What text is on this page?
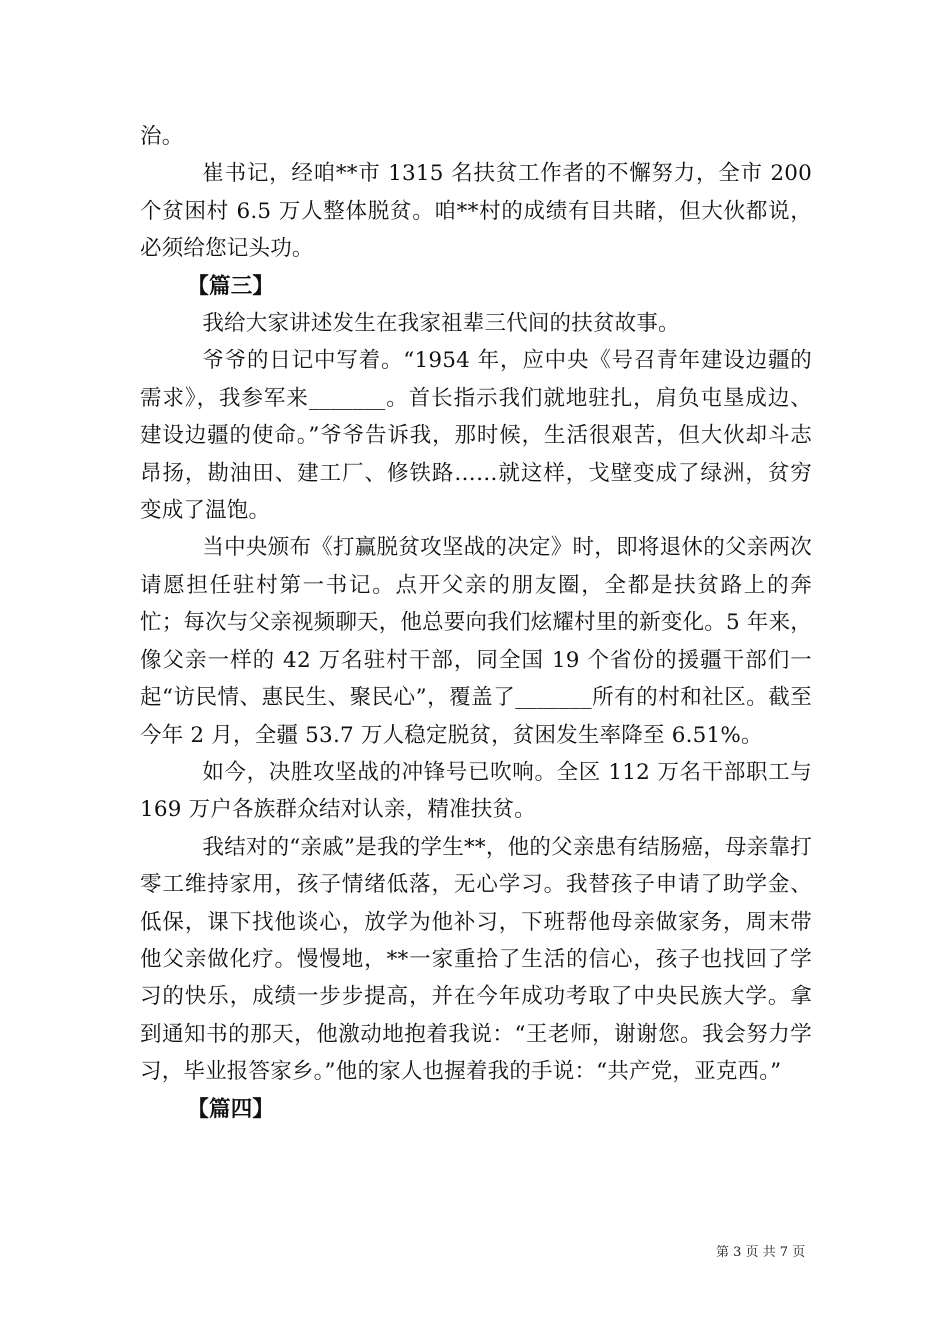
治。

崔书记，经咱**市 1315 名扶贫工作者的不懈努力，全市 200 个贫困村 6.5 万人整体脱贫。咱**村的成绩有目共睹，但大伙都说，必须给您记头功。

【篇三】

我给大家讲述发生在我家祖辈三代间的扶贫故事。

爷爷的日记中写着。“1954 年，应中央《号召青年建设边疆的需求》，我参军来_______。首长指示我们就地驻扎，肩负屯垦成边、建设边疆的使命。”爷爷告诉我，那时候，生活很艰苦，但大伙却斗志昂扬，勘油田、建工厂、修铁路……就这样，戈壁变成了绿洲，贫穷变成了温饱。

当中央颁布《打赢脱贫攻坚战的决定》时，即将退休的父亲两次请愿担任驻村第一书记。点开父亲的朋友圈，全都是扶贫路上的奔忙；每次与父亲视频聊天，他总要向我们炫耀村里的新变化。5 年来，像父亲一样的 42 万名驻村干部，同全国 19 个省份的援疆干部们一起“访民情、惠民生、聚民心”，覆盖了_______所有的村和社区。截至今年 2 月，全疆 53.7 万人稳定脱贫，贫困发生率降至 6.51%。

如今，决胜攻坚战的冲锋号已吹响。全区 112 万名干部职工与 169 万户各族群众结对认亲，精准扶贫。

我结对的“亲戚”是我的学生**，他的父亲患有结肠癌，母亲靠打零工维持家用，孩子情绪低落，无心学习。我替孩子申请了助学金、低保，课下找他谈心，放学为他补习，下班帮他母亲做家务，周末带他父亲做化疗。慢慢地，**一家重拾了生活的信心，孩子也找回了学习的快乐，成绩一步步提高，并在今年成功考取了中央民族大学。拿到通知书的那天，他激动地抱着我说：“王老师，谢谢您。我会努力学习，毕业报答家乡。”他的家人也握着我的手说：“共产党，亚克西。”

【篇四】

第 3 页 共 7 页
